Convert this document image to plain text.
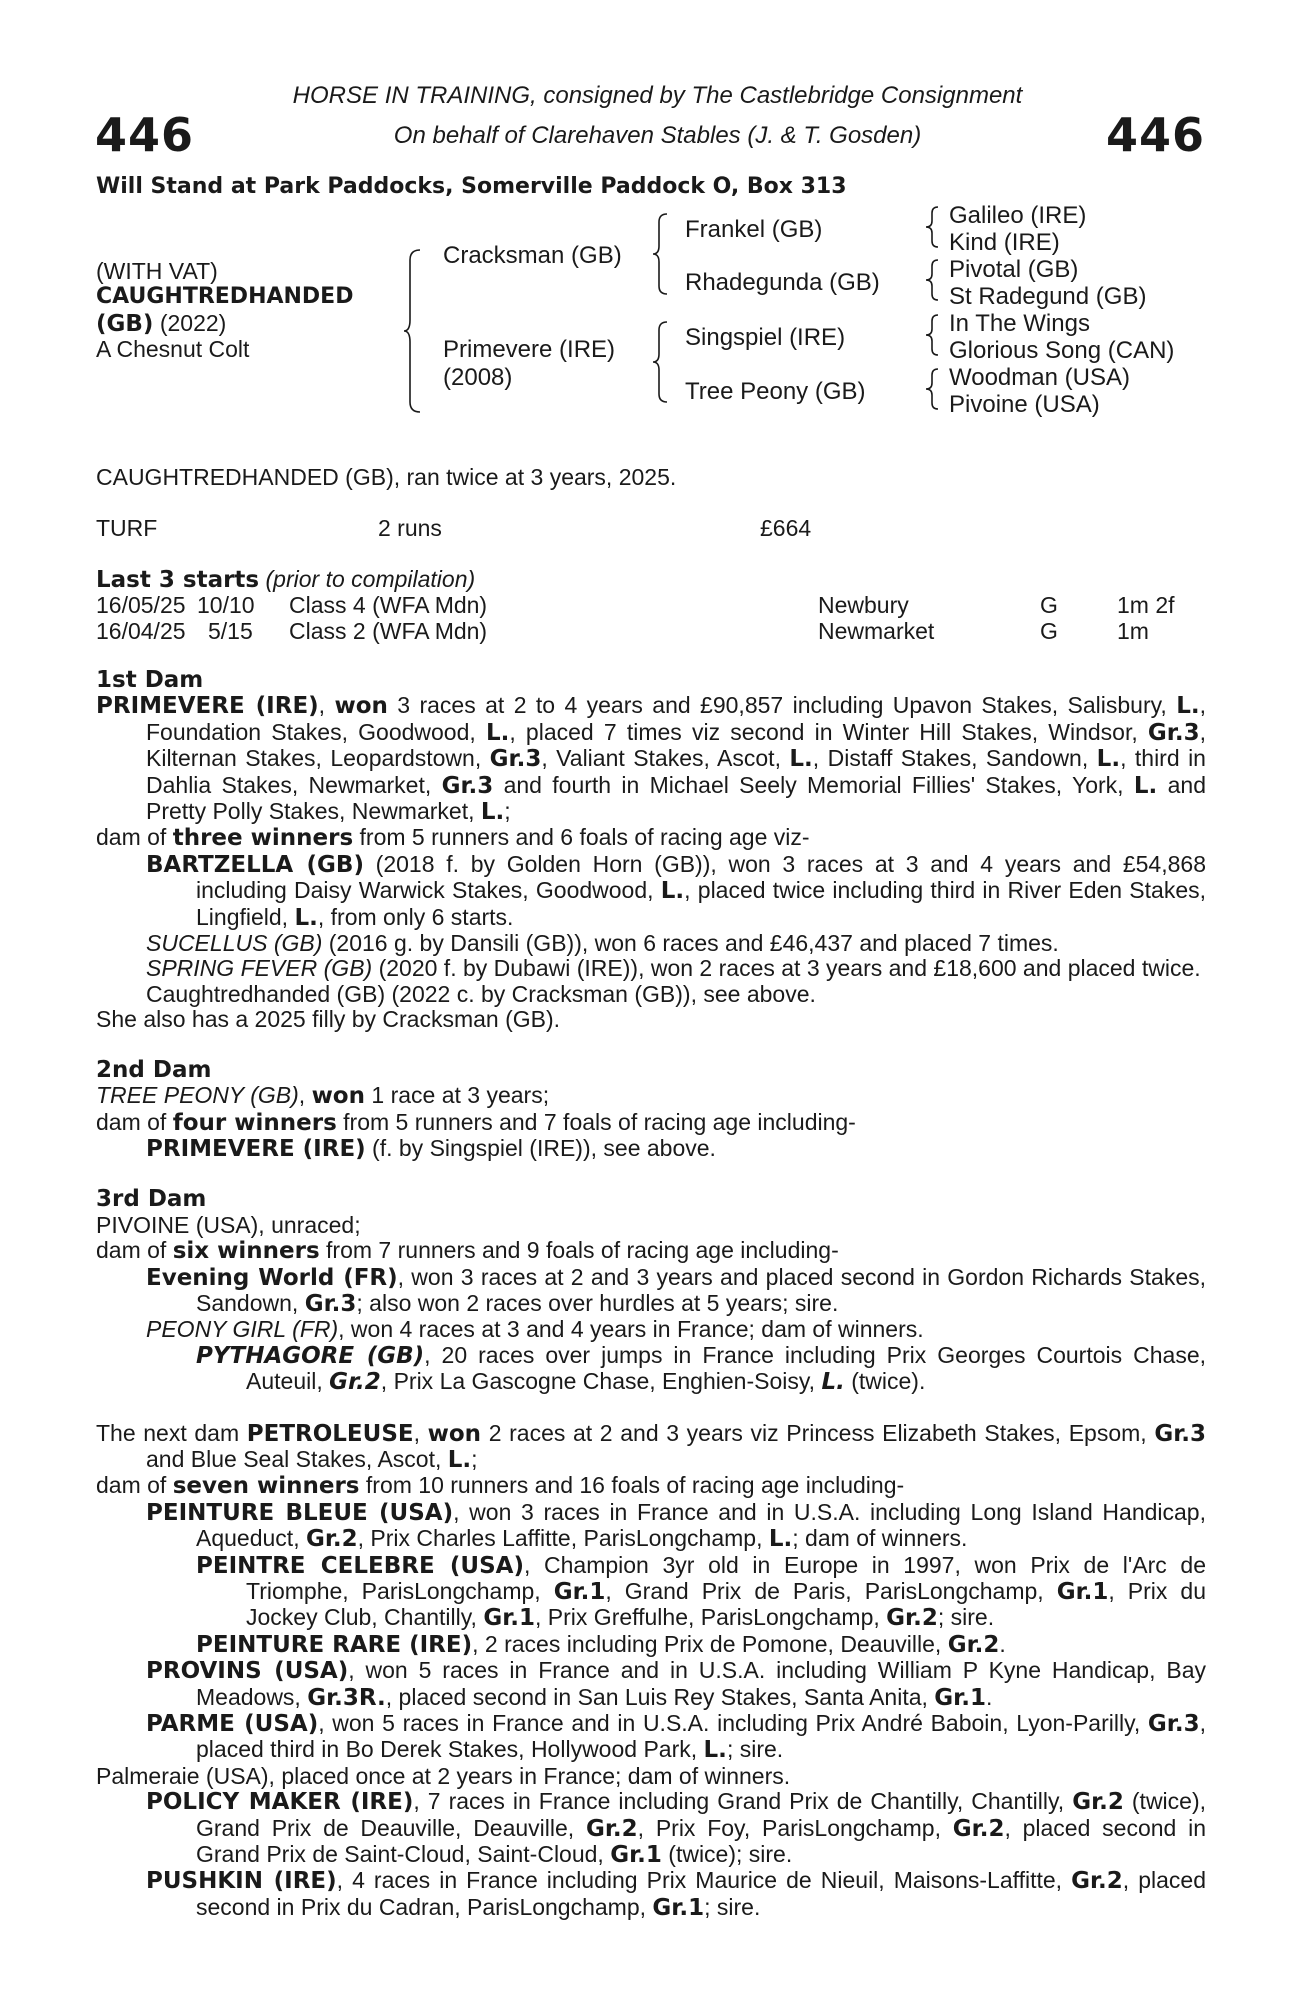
HORSE IN TRAINING, consigned by The Castlebridge Consignment
On behalf of Clarehaven Stables (J. & T. Gosden)
446	446
Will Stand at Park Paddocks, Somerville Paddock O, Box 313
(WITH VAT)
CAUGHTREDHANDED
(GB) (2022)
A Chesnut Colt
Cracksman (GB)
Primevere (IRE)
(2008)
Frankel (GB)
Rhadegunda (GB)
Singspiel (IRE)
Tree Peony (GB)
Galileo (IRE)
Kind (IRE)
Pivotal (GB)
St Radegund (GB)
In The Wings
Glorious Song (CAN)
Woodman (USA)
Pivoine (USA)
CAUGHTREDHANDED (GB), ran twice at 3 years, 2025.
TURF	2 runs	£664
Last 3 starts (prior to compilation)
16/05/25 10/10 Class 4 (WFA Mdn)	Newbury	G	1m 2f
16/04/25 5/15 Class 2 (WFA Mdn)	Newmarket	G	1m
1st Dam
PRIMEVERE (IRE), won 3 races at 2 to 4 years and £90,857 including Upavon Stakes, Salisbury, L., Foundation Stakes, Goodwood, L., placed 7 times viz second in Winter Hill Stakes, Windsor, Gr.3, Kilternan Stakes, Leopardstown, Gr.3, Valiant Stakes, Ascot, L., Distaff Stakes, Sandown, L., third in Dahlia Stakes, Newmarket, Gr.3 and fourth in Michael Seely Memorial Fillies' Stakes, York, L. and Pretty Polly Stakes, Newmarket, L.;
dam of three winners from 5 runners and 6 foals of racing age viz-
BARTZELLA (GB) (2018 f. by Golden Horn (GB)), won 3 races at 3 and 4 years and £54,868 including Daisy Warwick Stakes, Goodwood, L., placed twice including third in River Eden Stakes, Lingfield, L., from only 6 starts.
SUCELLUS (GB) (2016 g. by Dansili (GB)), won 6 races and £46,437 and placed 7 times.
SPRING FEVER (GB) (2020 f. by Dubawi (IRE)), won 2 races at 3 years and £18,600 and placed twice.
Caughtredhanded (GB) (2022 c. by Cracksman (GB)), see above.
She also has a 2025 filly by Cracksman (GB).
2nd Dam
TREE PEONY (GB), won 1 race at 3 years;
dam of four winners from 5 runners and 7 foals of racing age including-
PRIMEVERE (IRE) (f. by Singspiel (IRE)), see above.
3rd Dam
PIVOINE (USA), unraced;
dam of six winners from 7 runners and 9 foals of racing age including-
Evening World (FR), won 3 races at 2 and 3 years and placed second in Gordon Richards Stakes, Sandown, Gr.3; also won 2 races over hurdles at 5 years; sire.
PEONY GIRL (FR), won 4 races at 3 and 4 years in France; dam of winners.
PYTHAGORE (GB), 20 races over jumps in France including Prix Georges Courtois Chase, Auteuil, Gr.2, Prix La Gascogne Chase, Enghien-Soisy, L. (twice).
The next dam PETROLEUSE, won 2 races at 2 and 3 years viz Princess Elizabeth Stakes, Epsom, Gr.3 and Blue Seal Stakes, Ascot, L.;
dam of seven winners from 10 runners and 16 foals of racing age including-
PEINTURE BLEUE (USA), won 3 races in France and in U.S.A. including Long Island Handicap, Aqueduct, Gr.2, Prix Charles Laffitte, ParisLongchamp, L.; dam of winners.
PEINTRE CELEBRE (USA), Champion 3yr old in Europe in 1997, won Prix de l'Arc de Triomphe, ParisLongchamp, Gr.1, Grand Prix de Paris, ParisLongchamp, Gr.1, Prix du Jockey Club, Chantilly, Gr.1, Prix Greffulhe, ParisLongchamp, Gr.2; sire.
PEINTURE RARE (IRE), 2 races including Prix de Pomone, Deauville, Gr.2.
PROVINS (USA), won 5 races in France and in U.S.A. including William P Kyne Handicap, Bay Meadows, Gr.3R., placed second in San Luis Rey Stakes, Santa Anita, Gr.1.
PARME (USA), won 5 races in France and in U.S.A. including Prix André Baboin, Lyon-Parilly, Gr.3, placed third in Bo Derek Stakes, Hollywood Park, L.; sire.
Palmeraie (USA), placed once at 2 years in France; dam of winners.
POLICY MAKER (IRE), 7 races in France including Grand Prix de Chantilly, Chantilly, Gr.2 (twice), Grand Prix de Deauville, Deauville, Gr.2, Prix Foy, ParisLongchamp, Gr.2, placed second in Grand Prix de Saint-Cloud, Saint-Cloud, Gr.1 (twice); sire.
PUSHKIN (IRE), 4 races in France including Prix Maurice de Nieuil, Maisons-Laffitte, Gr.2, placed second in Prix du Cadran, ParisLongchamp, Gr.1; sire.
